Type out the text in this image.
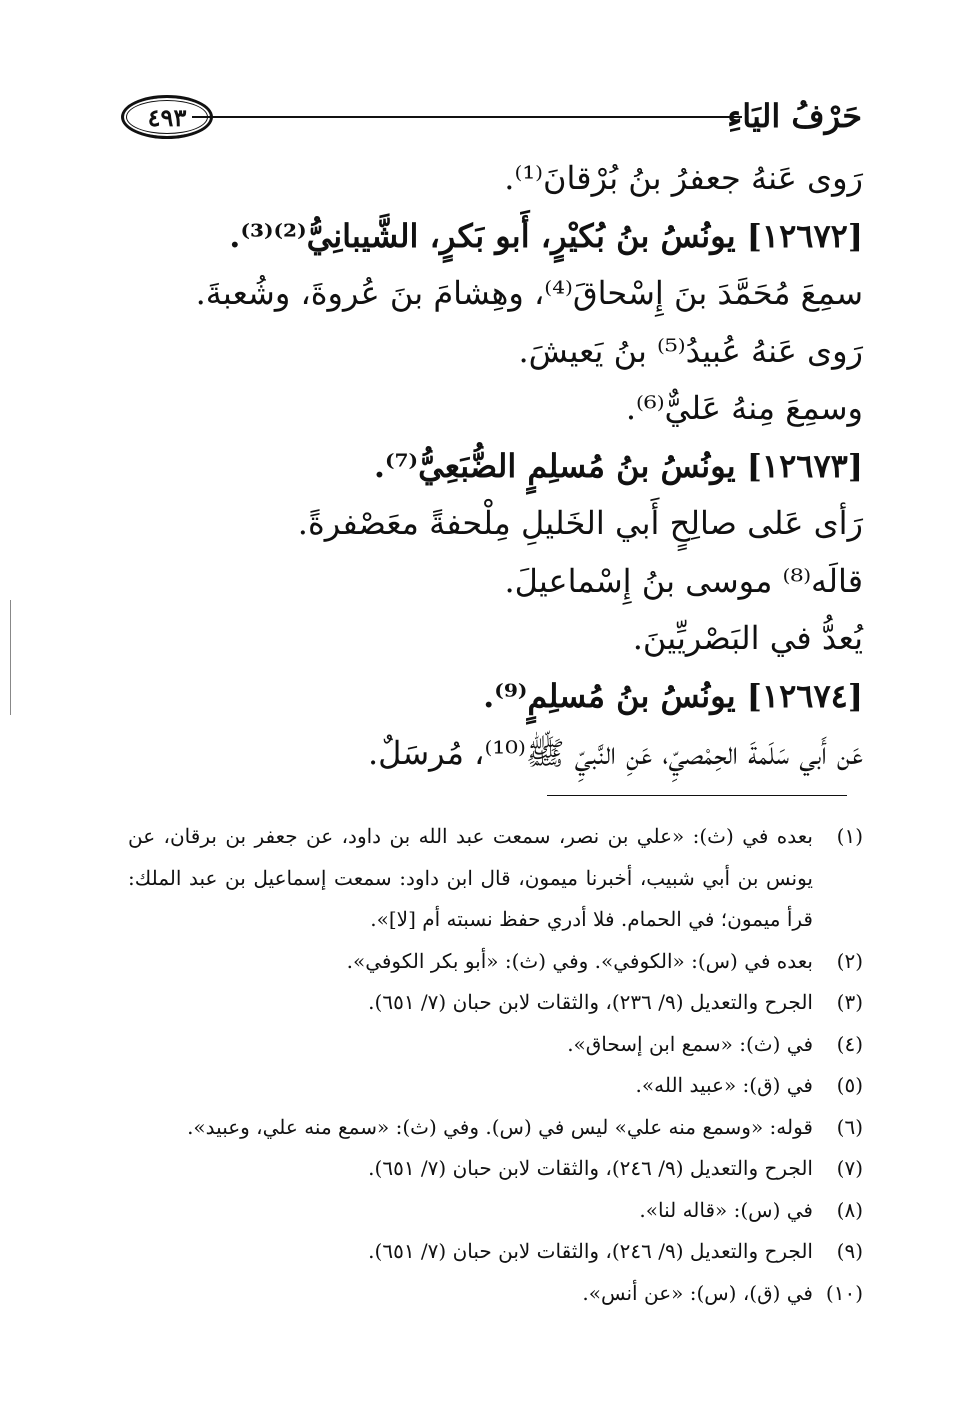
٤٩٣	حَرْفُ اليَاءِ
رَوى عَنهُ جعفرُ بنُ بُرْقانَ⁽¹⁾.
[١٢٦٧٢] يونُسُ بنُ بُكيْرٍ، أَبو بَكرٍ، الشَّيبانِيُّ⁽²⁾⁽³⁾.
سمِعَ مُحَمَّدَ بنَ إِسْحاقَ⁽⁴⁾، وهِشامَ بنَ عُروةَ، وشُعبةَ.
رَوى عَنهُ عُبيدُ⁽⁵⁾ بنُ يَعيشَ.
وسمِعَ مِنهُ عَليٌّ⁽⁶⁾.
[١٢٦٧٣] يونُسُ بنُ مُسلِمٍ الضُّبَعِيُّ⁽⁷⁾.
رَأى عَلى صالِحٍ أَبي الخَليلِ مِلْحفةً معَصْفرةً.
قالَه⁽⁸⁾ موسى بنُ إِسْماعيلَ.
يُعدُّ في البَصْريِّينَ.
[١٢٦٧٤] يونُسُ بنُ مُسلِمٍ⁽⁹⁾.
عَن أَبي سَلَمةَ الحِمْصيِّ، عَنِ النَّبيِّ ﷺ⁽¹⁰⁾، مُرسَلٌ.
(١)
بعده في (ث): «علي بن نصر، سمعت عبد الله بن داود، عن جعفر بن برقان، عن يونس بن أبي شبيب، أخبرنا ميمون، قال ابن داود: سمعت إسماعيل بن عبد الملك: قرأ ميمون؛ في الحمام. فلا أدري حفظ نسبته أم [لا]».
(٢)
بعده في (س): «الكوفي». وفي (ث): «أبو بكر الكوفي».
(٣)
الجرح والتعديل (٩/ ٢٣٦)، والثقات لابن حبان (٧/ ٦٥١).
(٤)
في (ث): «سمع ابن إسحاق».
(٥)
في (ق): «عبيد الله».
(٦)
قوله: «وسمع منه علي» ليس في (س). وفي (ث): «سمع منه علي، وعبيد».
(٧)
الجرح والتعديل (٩/ ٢٤٦)، والثقات لابن حبان (٧/ ٦٥١).
(٨)
في (س): «قاله لنا».
(٩)
الجرح والتعديل (٩/ ٢٤٦)، والثقات لابن حبان (٧/ ٦٥١).
(١٠)
في (ق)، (س): «عن أنس».
